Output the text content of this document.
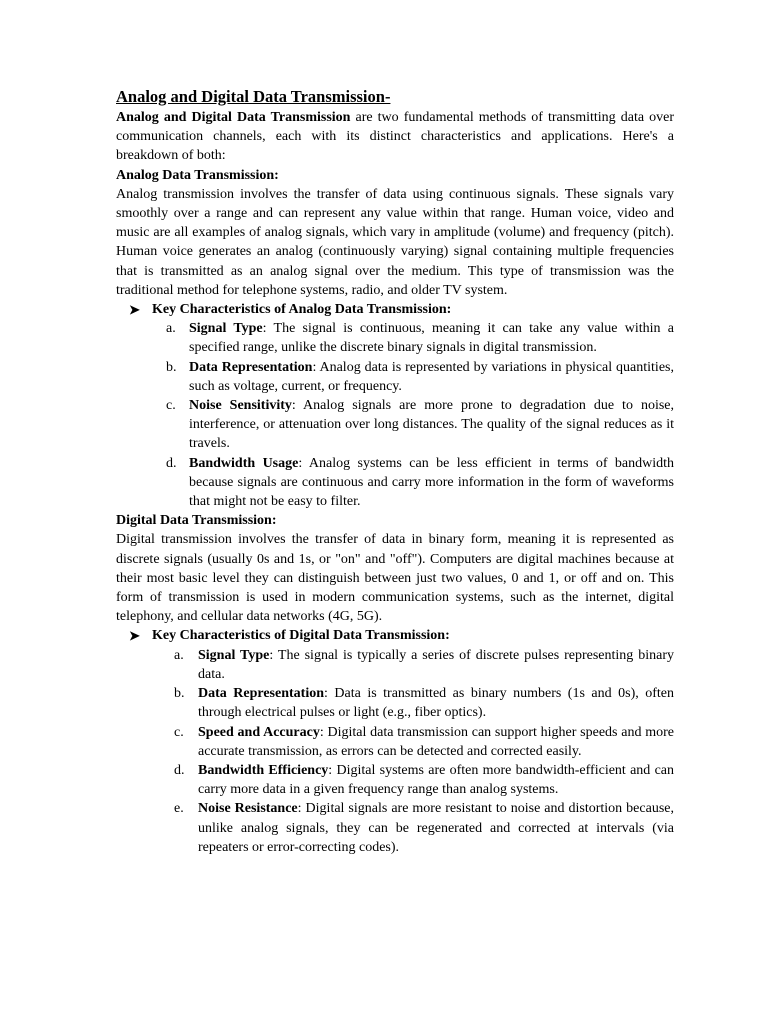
Analog and Digital Data Transmission-

Analog and Digital Data Transmission are two fundamental methods of transmitting data over communication channels, each with its distinct characteristics and applications. Here's a breakdown of both:

Analog Data Transmission:

Analog transmission involves the transfer of data using continuous signals. These signals vary smoothly over a range and can represent any value within that range. Human voice, video and music are all examples of analog signals, which vary in amplitude (volume) and frequency (pitch). Human voice generates an analog (continuously varying) signal containing multiple frequencies that is transmitted as an analog signal over the medium. This type of transmission was the traditional method for telephone systems, radio, and older TV system.

➤ Key Characteristics of Analog Data Transmission:
a. Signal Type: The signal is continuous, meaning it can take any value within a specified range, unlike the discrete binary signals in digital transmission.
b. Data Representation: Analog data is represented by variations in physical quantities, such as voltage, current, or frequency.
c. Noise Sensitivity: Analog signals are more prone to degradation due to noise, interference, or attenuation over long distances. The quality of the signal reduces as it travels.
d. Bandwidth Usage: Analog systems can be less efficient in terms of bandwidth because signals are continuous and carry more information in the form of waveforms that might not be easy to filter.
Digital Data Transmission:

Digital transmission involves the transfer of data in binary form, meaning it is represented as discrete signals (usually 0s and 1s, or "on" and "off"). Computers are digital machines because at their most basic level they can distinguish between just two values, 0 and 1, or off and on. This form of transmission is used in modern communication systems, such as the internet, digital telephony, and cellular data networks (4G, 5G).

➤ Key Characteristics of Digital Data Transmission:
a. Signal Type: The signal is typically a series of discrete pulses representing binary data.
b. Data Representation: Data is transmitted as binary numbers (1s and 0s), often through electrical pulses or light (e.g., fiber optics).
c. Speed and Accuracy: Digital data transmission can support higher speeds and more accurate transmission, as errors can be detected and corrected easily.
d. Bandwidth Efficiency: Digital systems are often more bandwidth-efficient and can carry more data in a given frequency range than analog systems.
e. Noise Resistance: Digital signals are more resistant to noise and distortion because, unlike analog signals, they can be regenerated and corrected at intervals (via repeaters or error-correcting codes).
